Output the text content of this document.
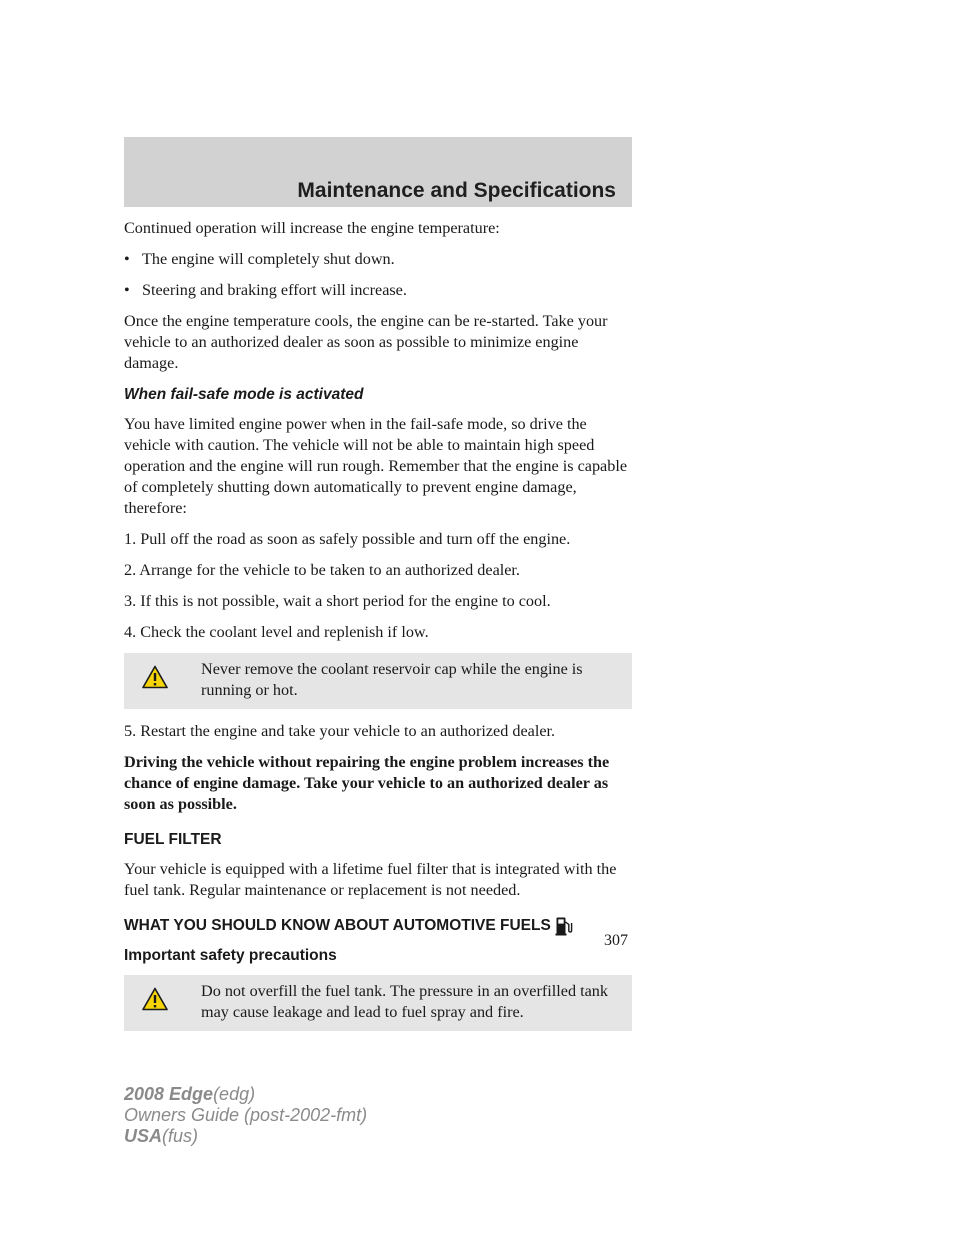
Maintenance and Specifications

Continued operation will increase the engine temperature:

• The engine will completely shut down.
• Steering and braking effort will increase.

Once the engine temperature cools, the engine can be re-started. Take your vehicle to an authorized dealer as soon as possible to minimize engine damage.

When fail-safe mode is activated

You have limited engine power when in the fail-safe mode, so drive the vehicle with caution. The vehicle will not be able to maintain high speed operation and the engine will run rough. Remember that the engine is capable of completely shutting down automatically to prevent engine damage, therefore:

1. Pull off the road as soon as safely possible and turn off the engine.

2. Arrange for the vehicle to be taken to an authorized dealer.

3. If this is not possible, wait a short period for the engine to cool.

4. Check the coolant level and replenish if low.

Never remove the coolant reservoir cap while the engine is running or hot.

5. Restart the engine and take your vehicle to an authorized dealer.

Driving the vehicle without repairing the engine problem increases the chance of engine damage. Take your vehicle to an authorized dealer as soon as possible.

FUEL FILTER

Your vehicle is equipped with a lifetime fuel filter that is integrated with the fuel tank. Regular maintenance or replacement is not needed.

WHAT YOU SHOULD KNOW ABOUT AUTOMOTIVE FUELS
Important safety precautions
Do not overfill the fuel tank. The pressure in an overfilled tank may cause leakage and lead to fuel spray and fire.
307
2008 Edge(edg)
Owners Guide (post-2002-fmt)
USA(fus)
